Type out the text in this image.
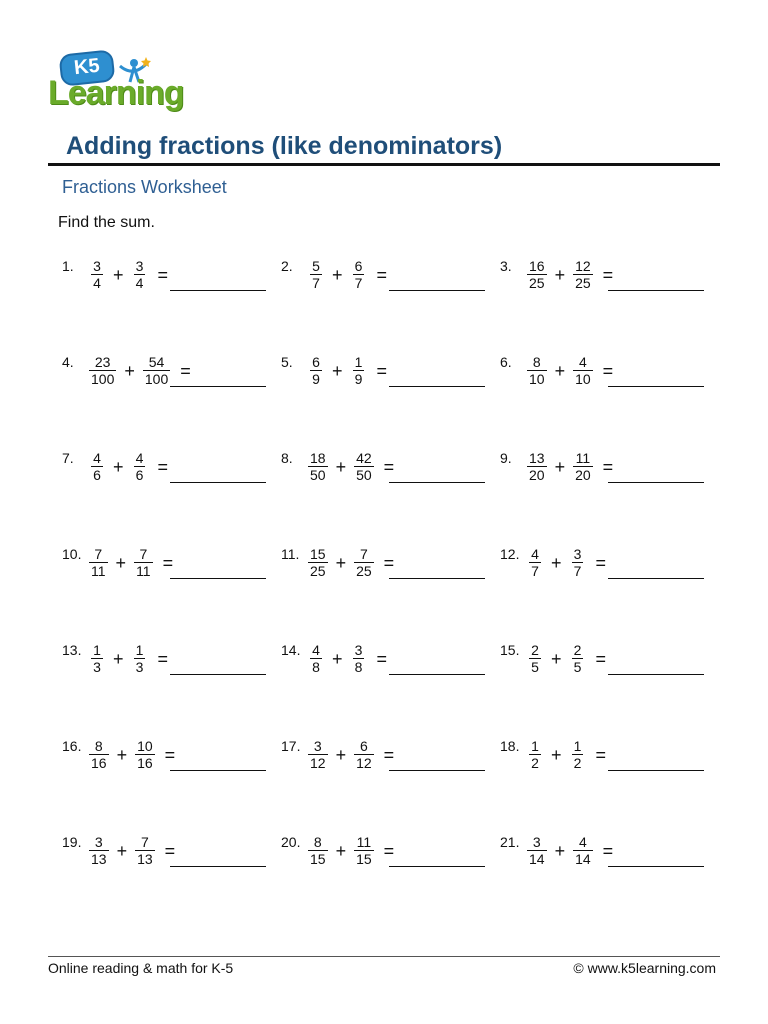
K5
Learning
Adding fractions (like denominators)
Fractions Worksheet
Find the sum.
1. $\frac{3}{4} + \frac{3}{4}$ =	2. $\frac{5}{7} + \frac{6}{7}$ =	3. $\frac{16}{25} + \frac{12}{25}$ =
4. $\frac{23}{100} + \frac{54}{100}$ =	5. $\frac{6}{9} + \frac{1}{9}$ =	6. $\frac{8}{10} + \frac{4}{10}$ =
7. $\frac{4}{6} + \frac{4}{6}$ =	8. $\frac{18}{50} + \frac{42}{50}$ =	9. $\frac{13}{20} + \frac{11}{20}$ =
10. $\frac{7}{11} + \frac{7}{11}$ =	11. $\frac{15}{25} + \frac{7}{25}$ =	12. $\frac{4}{7} + \frac{3}{7}$ =
13. $\frac{1}{3} + \frac{1}{3}$ =	14. $\frac{4}{8} + \frac{3}{8}$ =	15. $\frac{2}{5} + \frac{2}{5}$ =
16. $\frac{8}{16} + \frac{10}{16}$ =	17. $\frac{3}{12} + \frac{6}{12}$ =	18. $\frac{1}{2} + \frac{1}{2}$ =
19. $\frac{3}{13} + \frac{7}{13}$ =	20. $\frac{8}{15} + \frac{11}{15}$ =	21. $\frac{3}{14} + \frac{4}{14}$ =
Online reading & math for K-5	© www.k5learning.com
